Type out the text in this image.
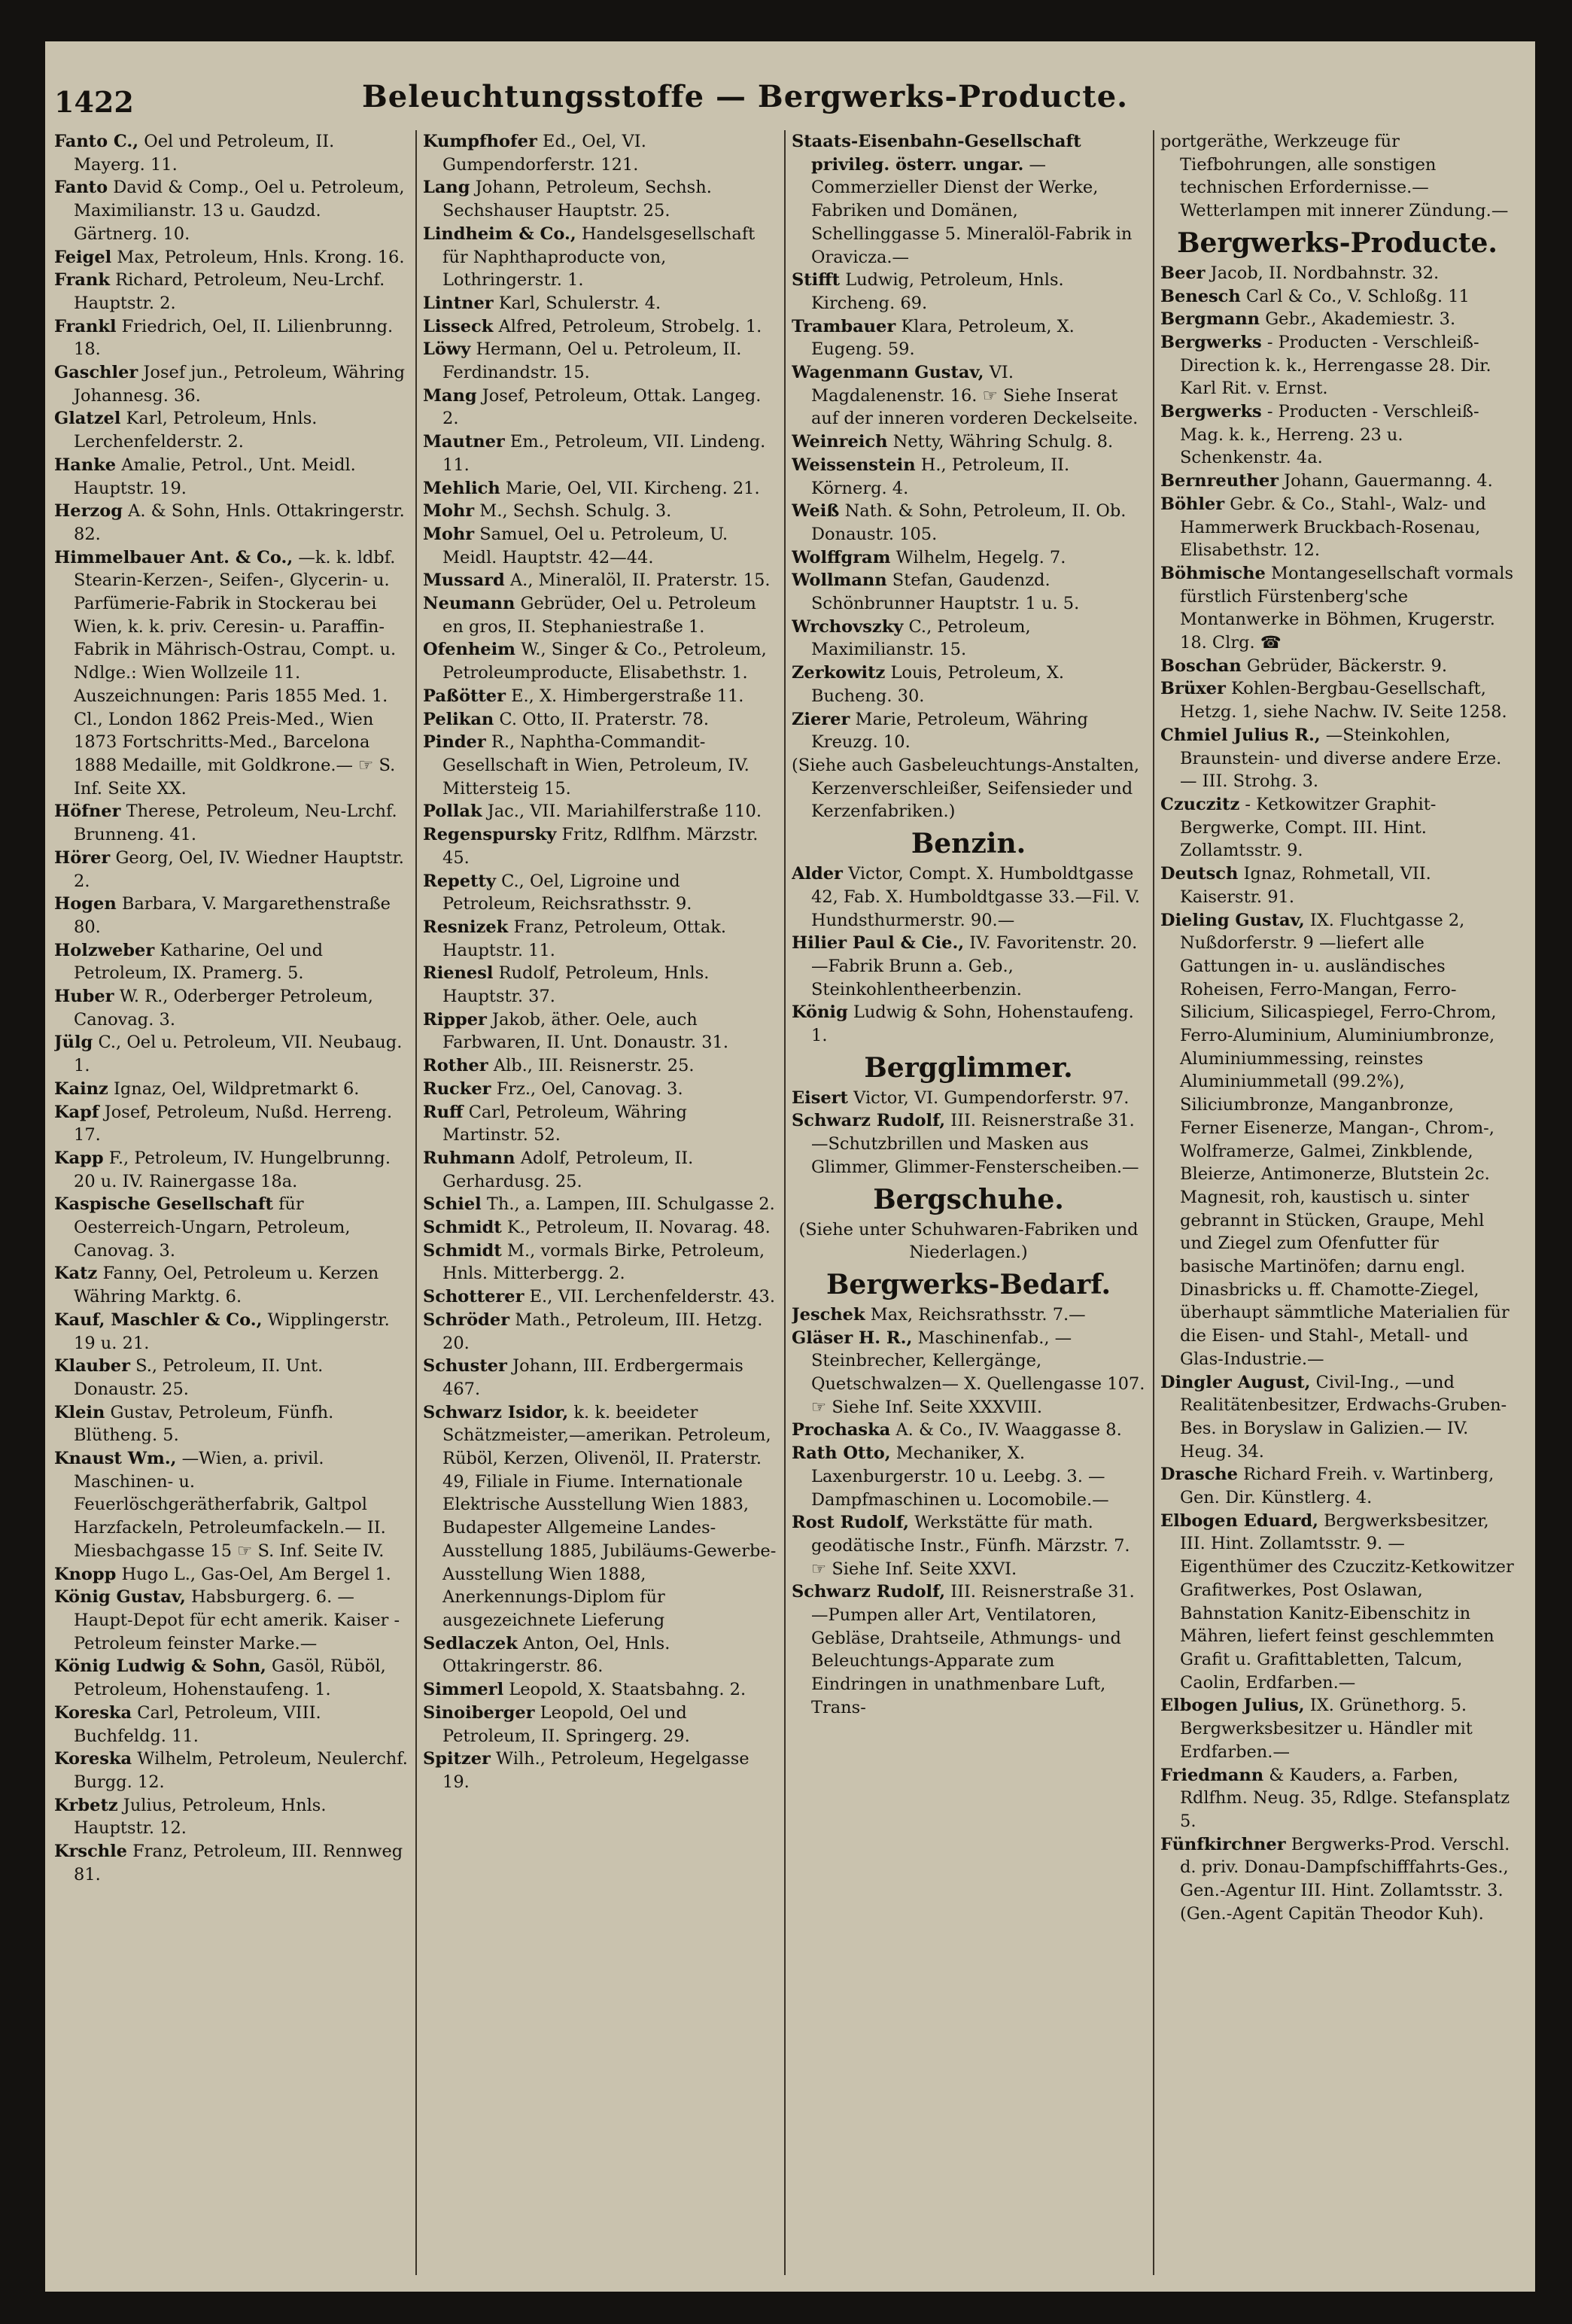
1422	Beleuchtungsstoffe — Bergwerks-Producte.

Fanto C., Oel und Petroleum, II. Mayerg. 11.

Fanto David & Comp., Oel u. Petroleum, Maximilianstr. 13 u. Gaudzd. Gärtnerg. 10.

Feigel Max, Petroleum, Hnls. Krong. 16.

Frank Richard, Petroleum, Neu-Lrchf. Hauptstr. 2.

Frankl Friedrich, Oel, II. Lilienbrunng. 18.

Gaschler Josef jun., Petroleum, Währing Johannesg. 36.

Glatzel Karl, Petroleum, Hnls. Lerchenfelderstr. 2.

Hanke Amalie, Petrol., Unt. Meidl. Hauptstr. 19.

Herzog A. & Sohn, Hnls. Ottakringerstr. 82.

Himmelbauer Ant. & Co., —k. k. ldbf. Stearin-Kerzen-, Seifen-, Glycerin- u. Parfümerie-Fabrik in Stockerau bei Wien, k. k. priv. Ceresin- u. Paraffin-Fabrik in Mährisch-Ostrau, Compt. u. Ndlge.: Wien Wollzeile 11. Auszeichnungen: Paris 1855 Med. 1. Cl., London 1862 Preis-Med., Wien 1873 Fortschritts-Med., Barcelona 1888 Medaille, mit Goldkrone.— ☞ S. Inf. Seite XX.

Höfner Therese, Petroleum, Neu-Lrchf. Brunneng. 41.

Hörer Georg, Oel, IV. Wiedner Hauptstr. 2.

Hogen Barbara, V. Margarethenstraße 80.

Holzweber Katharine, Oel und Petroleum, IX. Pramerg. 5.

Huber W. R., Oderberger Petroleum, Canovag. 3.

Jülg C., Oel u. Petroleum, VII. Neubaug. 1.

Kainz Ignaz, Oel, Wildpretmarkt 6.

Kapf Josef, Petroleum, Nußd. Herreng. 17.

Kapp F., Petroleum, IV. Hungelbrunng. 20 u. IV. Rainergasse 18a.

Kaspische Gesellschaft für Oesterreich-Ungarn, Petroleum, Canovag. 3.

Katz Fanny, Oel, Petroleum u. Kerzen Währing Marktg. 6.

Kauf, Maschler & Co., Wipplingerstr. 19 u. 21.

Klauber S., Petroleum, II. Unt. Donaustr. 25.

Klein Gustav, Petroleum, Fünfh. Blütheng. 5.

Knaust Wm., —Wien, a. privil. Maschinen- u. Feuerlöschgerätherfabrik, Galtpol Harzfackeln, Petroleumfackeln.— II. Miesbachgasse 15 ☞ S. Inf. Seite IV.

Knopp Hugo L., Gas-Oel, Am Bergel 1.

König Gustav, Habsburgerg. 6. —Haupt-Depot für echt amerik. Kaiser - Petroleum feinster Marke.—

König Ludwig & Sohn, Gasöl, Rüböl, Petroleum, Hohenstaufeng. 1.

Koreska Carl, Petroleum, VIII. Buchfeldg. 11.

Koreska Wilhelm, Petroleum, Neulerchf. Burgg. 12.

Krbetz Julius, Petroleum, Hnls. Hauptstr. 12.

Krschle Franz, Petroleum, III. Rennweg 81.

Kumpfhofer Ed., Oel, VI. Gumpendorferstr. 121.

Lang Johann, Petroleum, Sechsh. Sechshauser Hauptstr. 25.

Lindheim & Co., Handelsgesellschaft für Naphthaproducte von, Lothringerstr. 1.

Lintner Karl, Schulerstr. 4.

Lisseck Alfred, Petroleum, Strobelg. 1.

Löwy Hermann, Oel u. Petroleum, II. Ferdinandstr. 15.

Mang Josef, Petroleum, Ottak. Langeg. 2.

Mautner Em., Petroleum, VII. Lindeng. 11.

Mehlich Marie, Oel, VII. Kircheng. 21.

Mohr M., Sechsh. Schulg. 3.

Mohr Samuel, Oel u. Petroleum, U. Meidl. Hauptstr. 42—44.

Mussard A., Mineralöl, II. Praterstr. 15.

Neumann Gebrüder, Oel u. Petroleum en gros, II. Stephaniestraße 1.

Ofenheim W., Singer & Co., Petroleum, Petroleumproducte, Elisabethstr. 1.

Paßötter E., X. Himbergerstraße 11.

Pelikan C. Otto, II. Praterstr. 78.

Pinder R., Naphtha-Commandit-Gesellschaft in Wien, Petroleum, IV. Mittersteig 15.

Pollak Jac., VII. Mariahilferstraße 110.

Regenspursky Fritz, Rdlfhm. Märzstr. 45.

Repetty C., Oel, Ligroine und Petroleum, Reichsrathsstr. 9.

Resnizek Franz, Petroleum, Ottak. Hauptstr. 11.

Rienesl Rudolf, Petroleum, Hnls. Hauptstr. 37.

Ripper Jakob, äther. Oele, auch Farbwaren, II. Unt. Donaustr. 31.

Rother Alb., III. Reisnerstr. 25.

Rucker Frz., Oel, Canovag. 3.

Ruff Carl, Petroleum, Währing Martinstr. 52.

Ruhmann Adolf, Petroleum, II. Gerhardusg. 25.

Schiel Th., a. Lampen, III. Schulgasse 2.

Schmidt K., Petroleum, II. Novarag. 48.

Schmidt M., vormals Birke, Petroleum, Hnls. Mitterbergg. 2.

Schotterer E., VII. Lerchenfelderstr. 43.

Schröder Math., Petroleum, III. Hetzg. 20.

Schuster Johann, III. Erdbergermais 467.

Schwarz Isidor, k. k. beeideter Schätzmeister,—amerikan. Petroleum, Rüböl, Kerzen, Olivenöl, II. Praterstr. 49, Filiale in Fiume. Internationale Elektrische Ausstellung Wien 1883, Budapester Allgemeine Landes-Ausstellung 1885, Jubiläums-Gewerbe-Ausstellung Wien 1888, Anerkennungs-Diplom für ausgezeichnete Lieferung

Sedlaczek Anton, Oel, Hnls. Ottakringerstr. 86.

Simmerl Leopold, X. Staatsbahng. 2.

Sinoiberger Leopold, Oel und Petroleum, II. Springerg. 29.

Spitzer Wilh., Petroleum, Hegelgasse 19.

Staats-Eisenbahn-Gesellschaft privileg. österr. ungar. —Commerzieller Dienst der Werke, Fabriken und Domänen, Schellinggasse 5. Mineralöl-Fabrik in Oravicza.—

Stifft Ludwig, Petroleum, Hnls. Kircheng. 69.

Trambauer Klara, Petroleum, X. Eugeng. 59.

Wagenmann Gustav, VI. Magdalenenstr. 16. ☞ Siehe Inserat auf der inneren vorderen Deckelseite.

Weinreich Netty, Währing Schulg. 8.

Weissenstein H., Petroleum, II. Körnerg. 4.

Weiß Nath. & Sohn, Petroleum, II. Ob. Donaustr. 105.

Wolffgram Wilhelm, Hegelg. 7.

Wollmann Stefan, Gaudenzd. Schönbrunner Hauptstr. 1 u. 5.

Wrchovszky C., Petroleum, Maximilianstr. 15.

Zerkowitz Louis, Petroleum, X. Bucheng. 30.

Zierer Marie, Petroleum, Währing Kreuzg. 10.

(Siehe auch Gasbeleuchtungs-Anstalten, Kerzenverschleißer, Seifensieder und Kerzenfabriken.)

Benzin.

Alder Victor, Compt. X. Humboldtgasse 42, Fab. X. Humboldtgasse 33.—Fil. V. Hundsthurmerstr. 90.—

Hilier Paul & Cie., IV. Favoritenstr. 20.—Fabrik Brunn a. Geb., Steinkohlentheerbenzin.

König Ludwig & Sohn, Hohenstaufeng. 1.

Bergglimmer.

Eisert Victor, VI. Gumpendorferstr. 97.

Schwarz Rudolf, III. Reisnerstraße 31. —Schutzbrillen und Masken aus Glimmer, Glimmer-Fensterscheiben.—

Bergschuhe.

(Siehe unter Schuhwaren-Fabriken und Niederlagen.)

Bergwerks-Bedarf.

Jeschek Max, Reichsrathsstr. 7.—

Gläser H. R., Maschinenfab., —Steinbrecher, Kellergänge, Quetschwalzen— X. Quellengasse 107. ☞ Siehe Inf. Seite XXXVIII.

Prochaska A. & Co., IV. Waaggasse 8.

Rath Otto, Mechaniker, X. Laxenburgerstr. 10 u. Leebg. 3. —Dampfmaschinen u. Locomobile.—

Rost Rudolf, Werkstätte für math. geodätische Instr., Fünfh. Märzstr. 7. ☞ Siehe Inf. Seite XXVI.

Schwarz Rudolf, III. Reisnerstraße 31.—Pumpen aller Art, Ventilatoren, Gebläse, Drahtseile, Athmungs- und Beleuchtungs-Apparate zum Eindringen in unathmenbare Luft, Trans-

portgeräthe, Werkzeuge für Tiefbohrungen, alle sonstigen technischen Erfordernisse.— Wetterlampen mit innerer Zündung.—

Bergwerks-Producte.

Beer Jacob, II. Nordbahnstr. 32.

Benesch Carl & Co., V. Schloßg. 11

Bergmann Gebr., Akademiestr. 3.

Bergwerks - Producten - Verschleiß-Direction k. k., Herrengasse 28. Dir. Karl Rit. v. Ernst.

Bergwerks - Producten - Verschleiß-Mag. k. k., Herreng. 23 u. Schenkenstr. 4a.

Bernreuther Johann, Gauermanng. 4.

Böhler Gebr. & Co., Stahl-, Walz- und Hammerwerk Bruckbach-Rosenau, Elisabethstr. 12.

Böhmische Montangesellschaft vormals fürstlich Fürstenberg'sche Montanwerke in Böhmen, Krugerstr. 18. Clrg. ☎

Boschan Gebrüder, Bäckerstr. 9.

Brüxer Kohlen-Bergbau-Gesellschaft, Hetzg. 1, siehe Nachw. IV. Seite 1258.

Chmiel Julius R., —Steinkohlen, Braunstein- und diverse andere Erze.— III. Strohg. 3.

Czuczitz - Ketkowitzer Graphit-Bergwerke, Compt. III. Hint. Zollamtsstr. 9.

Deutsch Ignaz, Rohmetall, VII. Kaiserstr. 91.

Dieling Gustav, IX. Fluchtgasse 2, Nußdorferstr. 9 —liefert alle Gattungen in- u. ausländisches Roheisen, Ferro-Mangan, Ferro-Silicium, Silicaspiegel, Ferro-Chrom, Ferro-Aluminium, Aluminiumbronze, Aluminiummessing, reinstes Aluminiummetall (99.2%), Siliciumbronze, Manganbronze, Ferner Eisenerze, Mangan-, Chrom-, Wolframerze, Galmei, Zinkblende, Bleierze, Antimonerze, Blutstein 2c. Magnesit, roh, kaustisch u. sinter gebrannt in Stücken, Graupe, Mehl und Ziegel zum Ofenfutter für basische Martinöfen; darnu engl. Dinasbricks u. ff. Chamotte-Ziegel, überhaupt sämmtliche Materialien für die Eisen- und Stahl-, Metall- und Glas-Industrie.—

Dingler August, Civil-Ing., —und Realitätenbesitzer, Erdwachs-Gruben-Bes. in Boryslaw in Galizien.— IV. Heug. 34.

Drasche Richard Freih. v. Wartinberg, Gen. Dir. Künstlerg. 4.

Elbogen Eduard, Bergwerksbesitzer, III. Hint. Zollamtsstr. 9. —Eigenthümer des Czuczitz-Ketkowitzer Grafitwerkes, Post Oslawan, Bahnstation Kanitz-Eibenschitz in Mähren, liefert feinst geschlemmten Grafit u. Grafittabletten, Talcum, Caolin, Erdfarben.—

Elbogen Julius, IX. Grünethorg. 5. Bergwerksbesitzer u. Händler mit Erdfarben.—

Friedmann & Kauders, a. Farben, Rdlfhm. Neug. 35, Rdlge. Stefansplatz 5.

Fünfkirchner Bergwerks-Prod. Verschl. d. priv. Donau-Dampfschifffahrts-Ges., Gen.-Agentur III. Hint. Zollamtsstr. 3. (Gen.-Agent Capitän Theodor Kuh).
